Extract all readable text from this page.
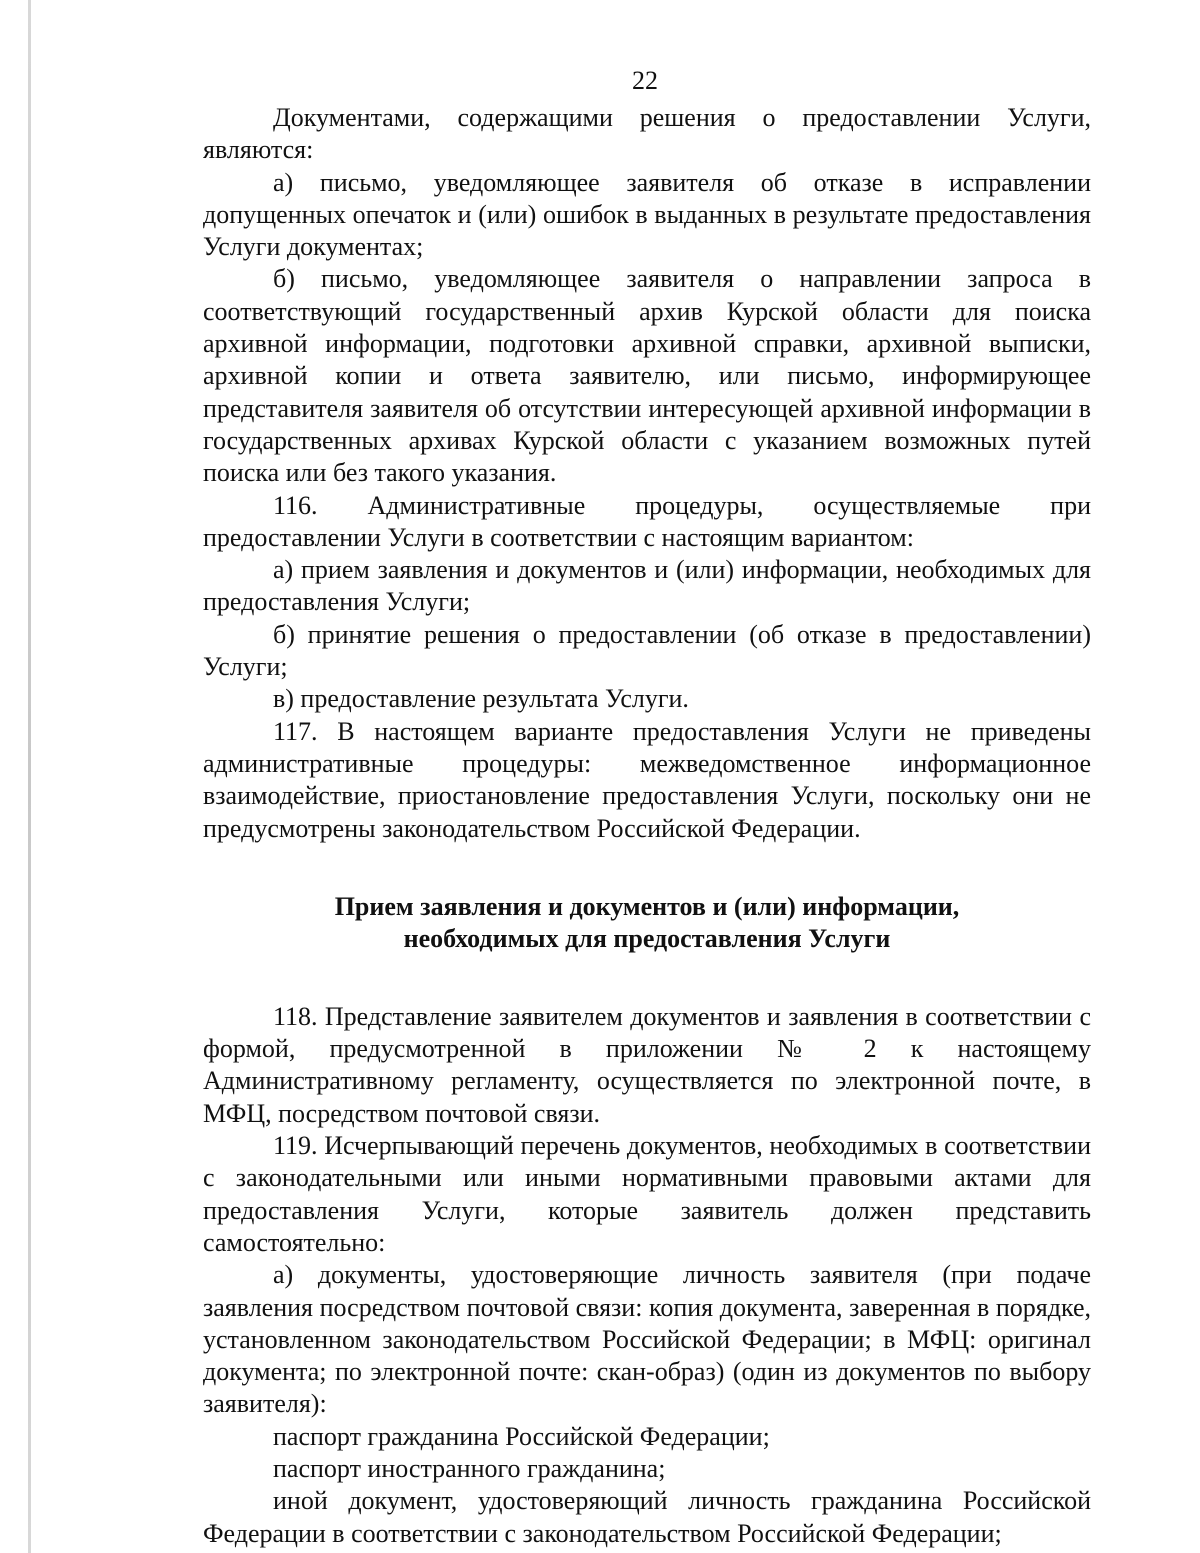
22

Документами, содержащими решения о предоставлении Услуги, являются:

а) письмо, уведомляющее заявителя об отказе в исправлении допущенных опечаток и (или) ошибок в выданных в результате предоставления Услуги документах;

б) письмо, уведомляющее заявителя о направлении запроса в соответствующий государственный архив Курской области для поиска архивной информации, подготовки архивной справки, архивной выписки, архивной копии и ответа заявителю, или письмо, информирующее представителя заявителя об отсутствии интересующей архивной информации в государственных архивах Курской области с указанием возможных путей поиска или без такого указания.

116. Административные процедуры, осуществляемые при предоставлении Услуги в соответствии с настоящим вариантом:

а) прием заявления и документов и (или) информации, необходимых для предоставления Услуги;

б) принятие решения о предоставлении (об отказе в предоставлении) Услуги;

в) предоставление результата Услуги.

117. В настоящем варианте предоставления Услуги не приведены административные процедуры: межведомственное информационное взаимодействие, приостановление предоставления Услуги, поскольку они не предусмотрены законодательством Российской Федерации.

Прием заявления и документов и (или) информации,
необходимых для предоставления Услуги

118. Представление заявителем документов и заявления в соответствии с формой, предусмотренной в приложении № 2 к настоящему Административному регламенту, осуществляется по электронной почте, в МФЦ, посредством почтовой связи.

119. Исчерпывающий перечень документов, необходимых в соответствии с законодательными или иными нормативными правовыми актами для предоставления Услуги, которые заявитель должен представить самостоятельно:

а) документы, удостоверяющие личность заявителя (при подаче заявления посредством почтовой связи: копия документа, заверенная в порядке, установленном законодательством Российской Федерации; в МФЦ: оригинал документа; по электронной почте: скан-образ) (один из документов по выбору заявителя):

паспорт гражданина Российской Федерации;

паспорт иностранного гражданина;

иной документ, удостоверяющий личность гражданина Российской Федерации в соответствии с законодательством Российской Федерации;
